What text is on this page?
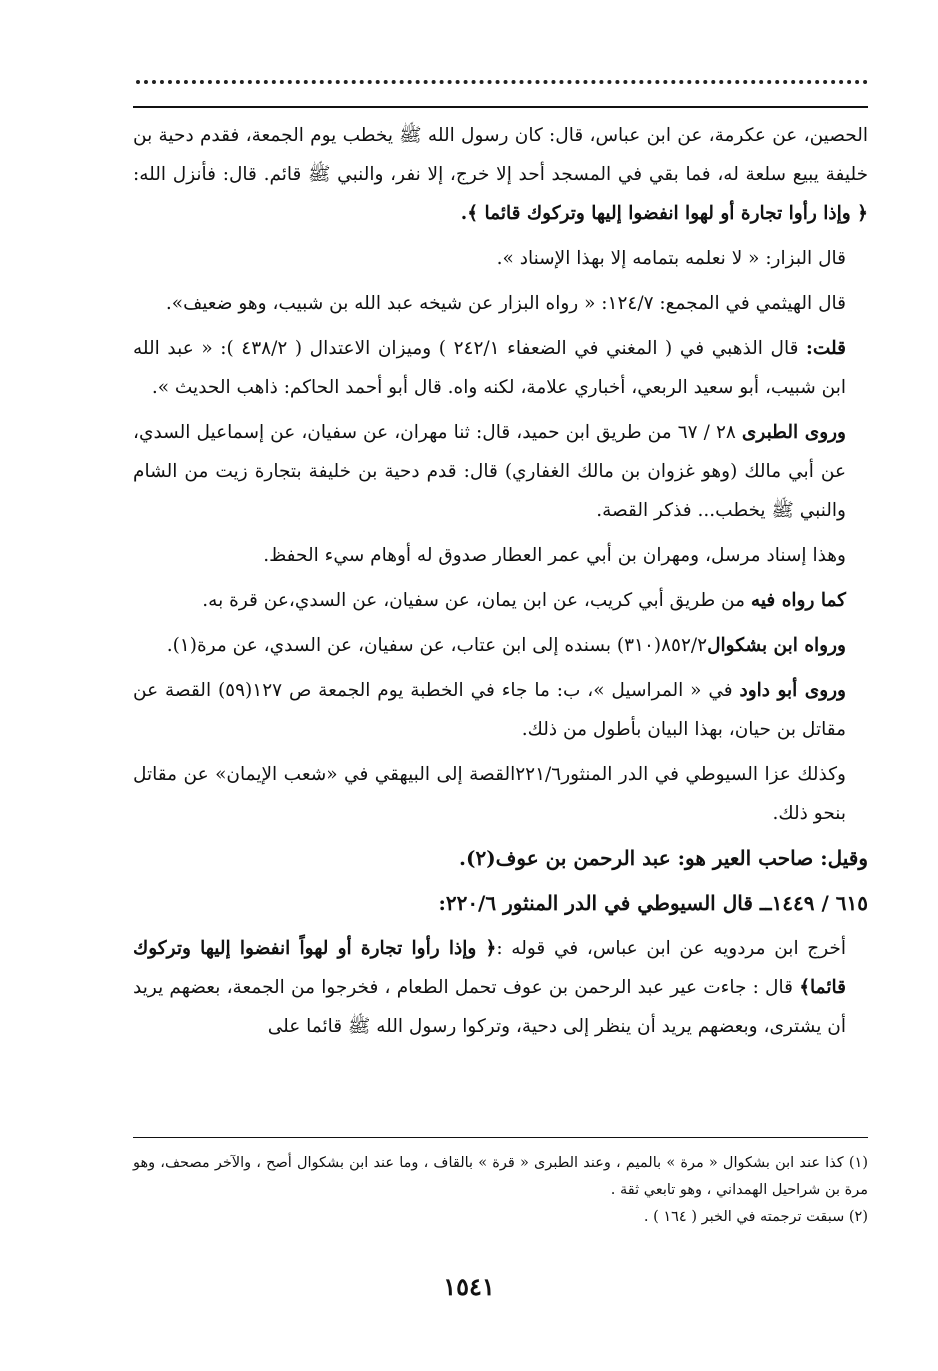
الحصين، عن عكرمة، عن ابن عباس، قال: كان رسول الله ﷺ يخطب يوم الجمعة، فقدم دحية بن خليفة يبيع سلعة له، فما بقي في المسجد أحد إلا خرج، إلا نفر، والنبي ﷺ قائم. قال: فأنزل الله: ﴿ وإذا رأوا تجارة أو لهوا انفضوا إليها وتركوك قائما ﴾.

قال البزار: « لا نعلمه بتمامه إلا بهذا الإسناد ».

قال الهيثمي في المجمع: ١٢٤/٧: « رواه البزار عن شيخه عبد الله بن شبيب، وهو ضعيف».

قلت: قال الذهبي في ( المغني في الضعفاء ٢٤٢/١ ) وميزان الاعتدال ( ٤٣٨/٢ ): « عبد الله ابن شبيب، أبو سعيد الربعي، أخباري علامة، لكنه واه. قال أبو أحمد الحاكم: ذاهب الحديث ».

وروى الطبرى ٢٨ / ٦٧ من طريق ابن حميد، قال: ثنا مهران، عن سفيان، عن إسماعيل السدي، عن أبي مالك (وهو غزوان بن مالك الغفاري) قال: قدم دحية بن خليفة بتجارة زيت من الشام والنبي ﷺ يخطب... فذكر القصة.

وهذا إسناد مرسل، ومهران بن أبي عمر العطار صدوق له أوهام سيء الحفظ.

كما رواه فيه من طريق أبي كريب، عن ابن يمان، عن سفيان، عن السدي،عن قرة به.

ورواه ابن بشكوال٨٥٢/٢(٣١٠) بسنده إلى ابن عتاب، عن سفيان، عن السدي، عن مرة(١).

وروى أبو داود في « المراسيل »، ب: ما جاء في الخطبة يوم الجمعة ص ١٢٧(٥٩) القصة عن مقاتل بن حيان، بهذا البيان بأطول من ذلك.

وكذلك عزا السيوطي في الدر المنثور٢٢١/٦القصة إلى البيهقي في «شعب الإيمان» عن مقاتل بنحو ذلك.

وقيل: صاحب العير هو: عبد الرحمن بن عوف(٢).

٦١٥ / ١٤٤٩ــ قال السيوطي في الدر المنثور ٢٢٠/٦:

أخرج ابن مردويه عن ابن عباس، في قوله :﴿ وإذا رأوا تجارة أو لهواً انفضوا إليها وتركوك قائما﴾ قال : جاءت عير عبد الرحمن بن عوف تحمل الطعام ، فخرجوا من الجمعة، بعضهم يريد أن يشترى، وبعضهم يريد أن ينظر إلى دحية، وتركوا رسول الله ﷺ قائما على

(١) كذا عند ابن بشكوال « مرة » بالميم ، وعند الطبرى « قرة » بالقاف ، وما عند ابن بشكوال أصح ، والآخر مصحف، وهو مرة بن شراحيل الهمداني ، وهو تابعي ثقة .

(٢) سبقت ترجمته في الخبر ( ١٦٤ ) .

١٥٤١
